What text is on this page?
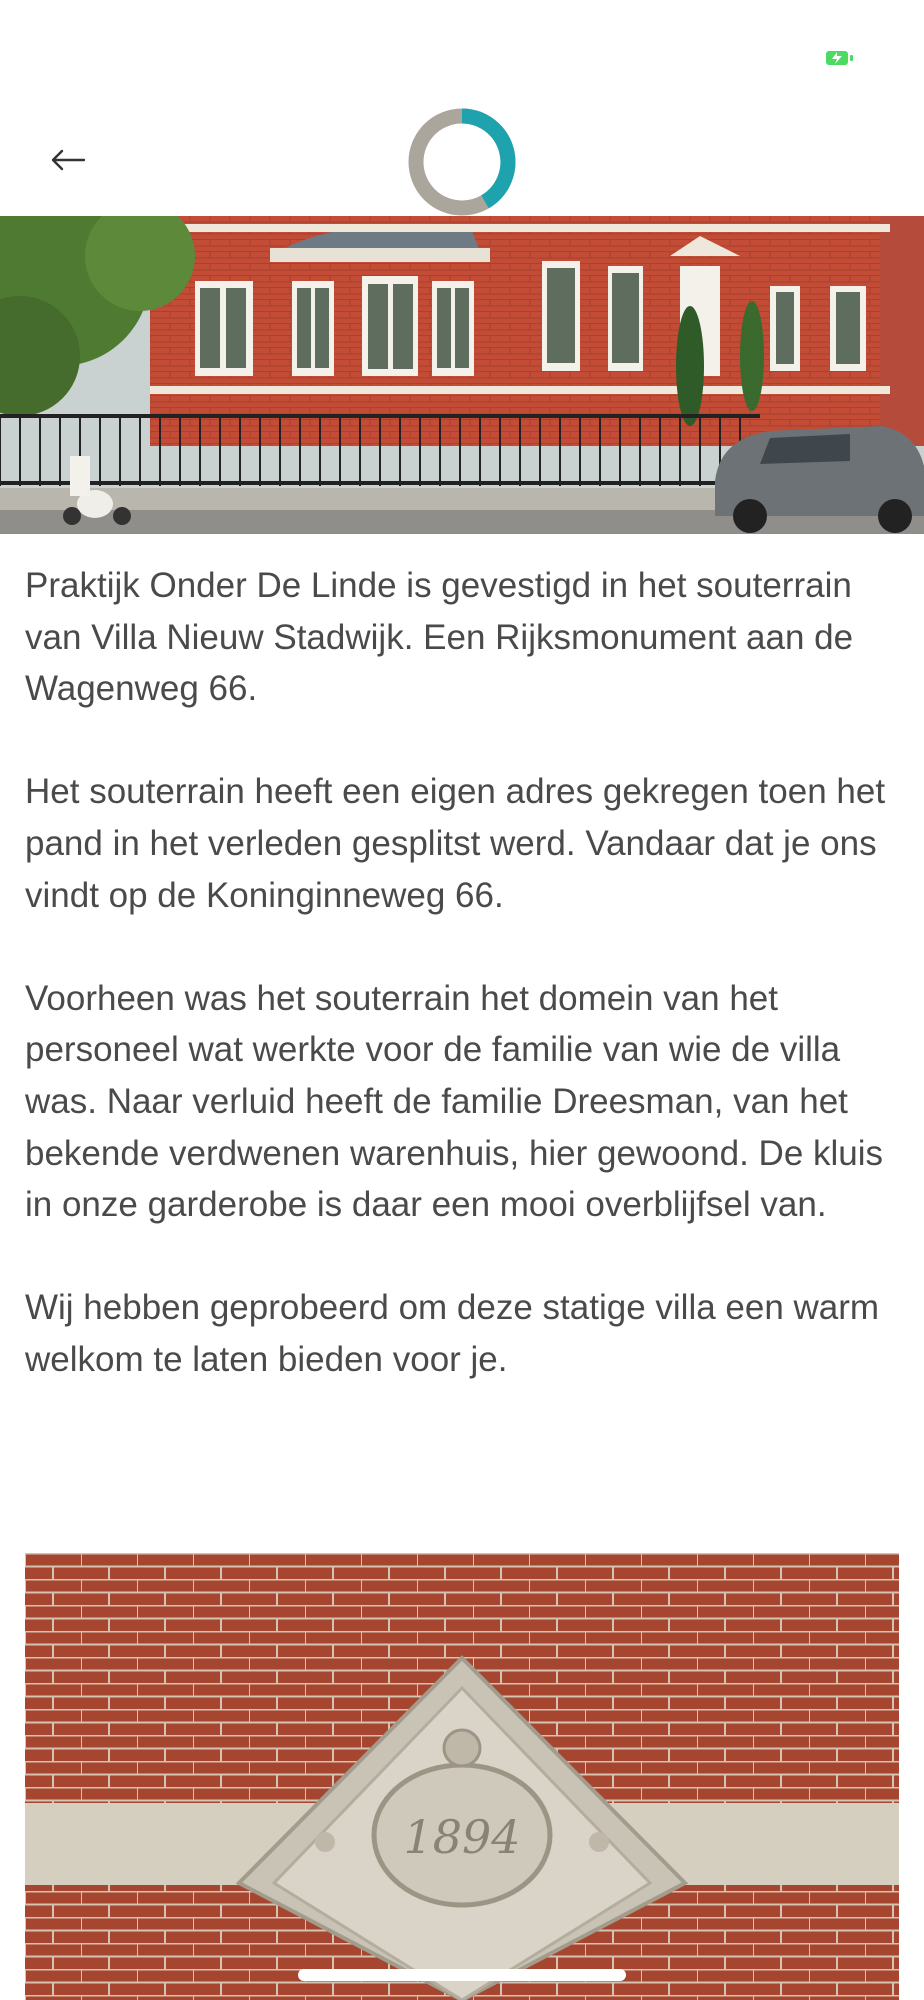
Praktijk Onder De Linde is gevestigd in het souterrain van Villa Nieuw Stadwijk. Een Rijksmonument aan de Wagenweg 66.

Het souterrain heeft een eigen adres gekregen toen het pand in het verleden gesplitst werd. Vandaar dat je ons vindt op de Koninginneweg 66.

Voorheen was het souterrain het domein van het personeel wat werkte voor de familie van wie de villa was. Naar verluid heeft de familie Dreesman, van het bekende verdwenen warenhuis, hier gewoond. De kluis in onze garderobe is daar een mooi overblijfsel van.

Wij hebben geprobeerd om deze statige villa een warm welkom te laten bieden voor je.

1894
